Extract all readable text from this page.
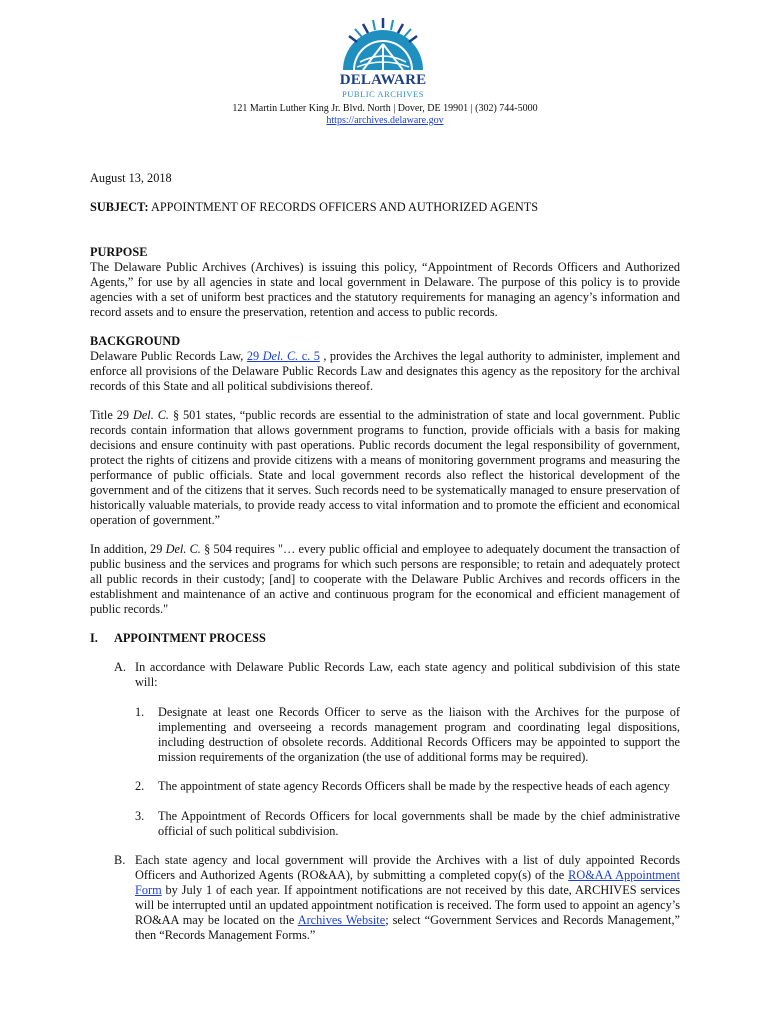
DELAWARE
PUBLIC ARCHIVES
121 Martin Luther King Jr. Blvd. North | Dover, DE 19901 | (302) 744-5000
https://archives.delaware.gov
August 13, 2018
SUBJECT: APPOINTMENT OF RECORDS OFFICERS AND AUTHORIZED AGENTS
PURPOSE
The Delaware Public Archives (Archives) is issuing this policy, “Appointment of Records Officers and Authorized Agents,” for use by all agencies in state and local government in Delaware. The purpose of this policy is to provide agencies with a set of uniform best practices and the statutory requirements for managing an agency’s information and record assets and to ensure the preservation, retention and access to public records.
BACKGROUND
Delaware Public Records Law, 29 Del. C. c. 5 , provides the Archives the legal authority to administer, implement and enforce all provisions of the Delaware Public Records Law and designates this agency as the repository for the archival records of this State and all political subdivisions thereof.
Title 29 Del. C. § 501 states, “public records are essential to the administration of state and local government. Public records contain information that allows government programs to function, provide officials with a basis for making decisions and ensure continuity with past operations. Public records document the legal responsibility of government, protect the rights of citizens and provide citizens with a means of monitoring government programs and measuring the performance of public officials. State and local government records also reflect the historical development of the government and of the citizens that it serves. Such records need to be systematically managed to ensure preservation of historically valuable materials, to provide ready access to vital information and to promote the efficient and economical operation of government.”
In addition, 29 Del. C. § 504 requires "… every public official and employee to adequately document the transaction of public business and the services and programs for which such persons are responsible; to retain and adequately protect all public records in their custody; [and] to cooperate with the Delaware Public Archives and records officers in the establishment and maintenance of an active and continuous program for the economical and efficient management of public records."
I. APPOINTMENT PROCESS
A. In accordance with Delaware Public Records Law, each state agency and political subdivision of this state will:
1. Designate at least one Records Officer to serve as the liaison with the Archives for the purpose of implementing and overseeing a records management program and coordinating legal dispositions, including destruction of obsolete records. Additional Records Officers may be appointed to support the mission requirements of the organization (the use of additional forms may be required).
2. The appointment of state agency Records Officers shall be made by the respective heads of each agency
3. The Appointment of Records Officers for local governments shall be made by the chief administrative official of such political subdivision.
B. Each state agency and local government will provide the Archives with a list of duly appointed Records Officers and Authorized Agents (RO&AA), by submitting a completed copy(s) of the RO&AA Appointment Form by July 1 of each year. If appointment notifications are not received by this date, ARCHIVES services will be interrupted until an updated appointment notification is received. The form used to appoint an agency’s RO&AA may be located on the Archives Website; select “Government Services and Records Management,” then “Records Management Forms.”
